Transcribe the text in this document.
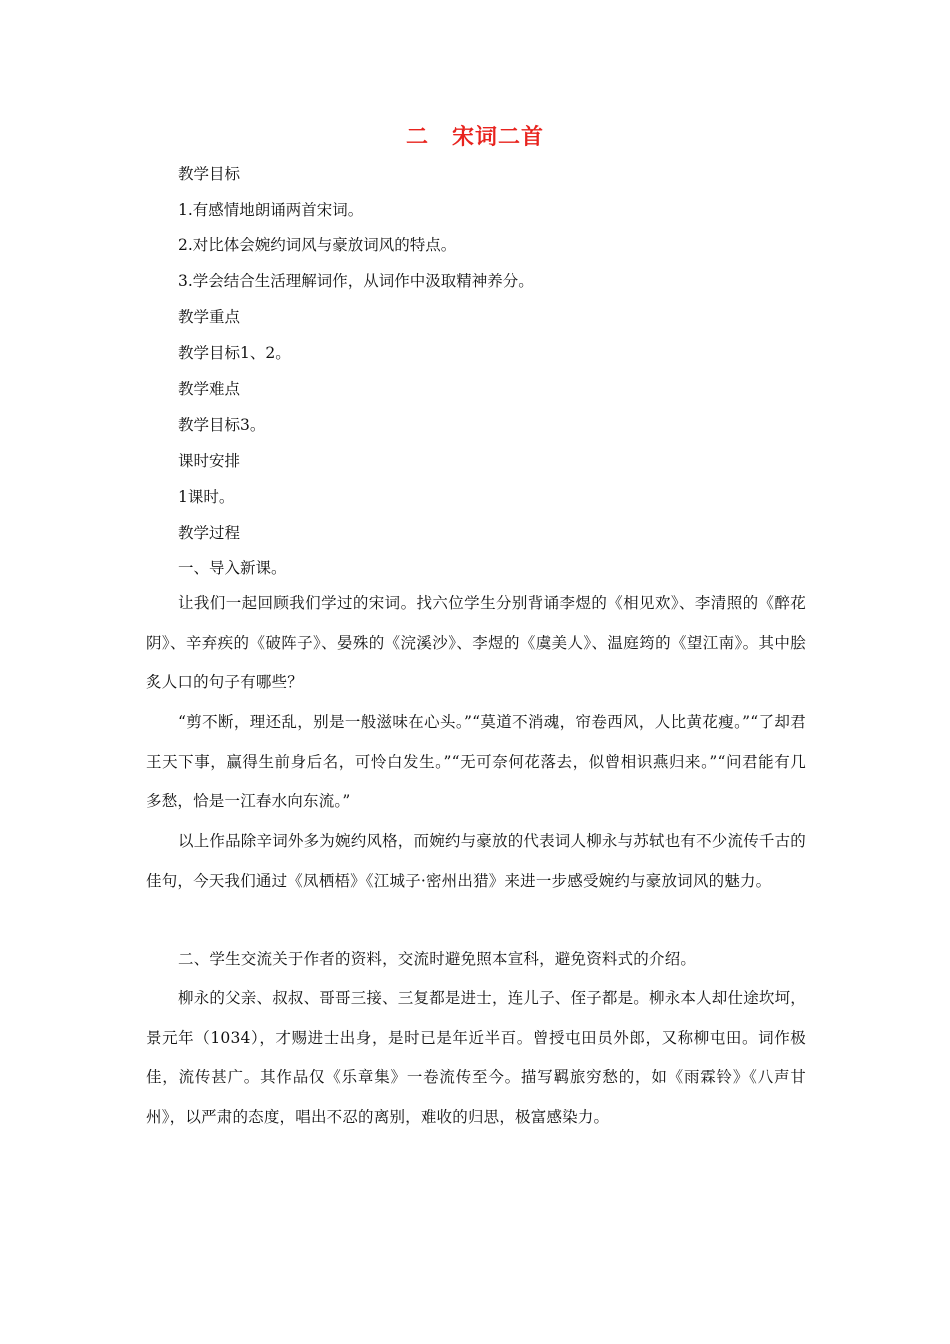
二　宋词二首
教学目标
1.有感情地朗诵两首宋词。
2.对比体会婉约词风与豪放词风的特点。
3.学会结合生活理解词作，从词作中汲取精神养分。
教学重点
教学目标1、2。
教学难点
教学目标3。
课时安排
1课时。
教学过程
一、导入新课。
让我们一起回顾我们学过的宋词。找六位学生分别背诵李煜的《相见欢》、李清照的《醉花阴》、辛弃疾的《破阵子》、晏殊的《浣溪沙》、李煜的《虞美人》、温庭筠的《望江南》。其中脍炙人口的句子有哪些？
“剪不断，理还乱，别是一般滋味在心头。”“莫道不消魂，帘卷西风，人比黄花瘦。”“了却君王天下事，赢得生前身后名，可怜白发生。”“无可奈何花落去，似曾相识燕归来。”“问君能有几多愁，恰是一江春水向东流。”
以上作品除辛词外多为婉约风格，而婉约与豪放的代表词人柳永与苏轼也有不少流传千古的佳句，今天我们通过《凤栖梧》《江城子·密州出猎》来进一步感受婉约与豪放词风的魅力。
二、学生交流关于作者的资料，交流时避免照本宣科，避免资料式的介绍。
柳永的父亲、叔叔、哥哥三接、三复都是进士，连儿子、侄子都是。柳永本人却仕途坎坷，景元年（1034），才赐进士出身，是时已是年近半百。曾授屯田员外郎，又称柳屯田。词作极佳，流传甚广。其作品仅《乐章集》一卷流传至今。描写羁旅穷愁的，如《雨霖铃》《八声甘州》，以严肃的态度，唱出不忍的离别，难收的归思，极富感染力。
